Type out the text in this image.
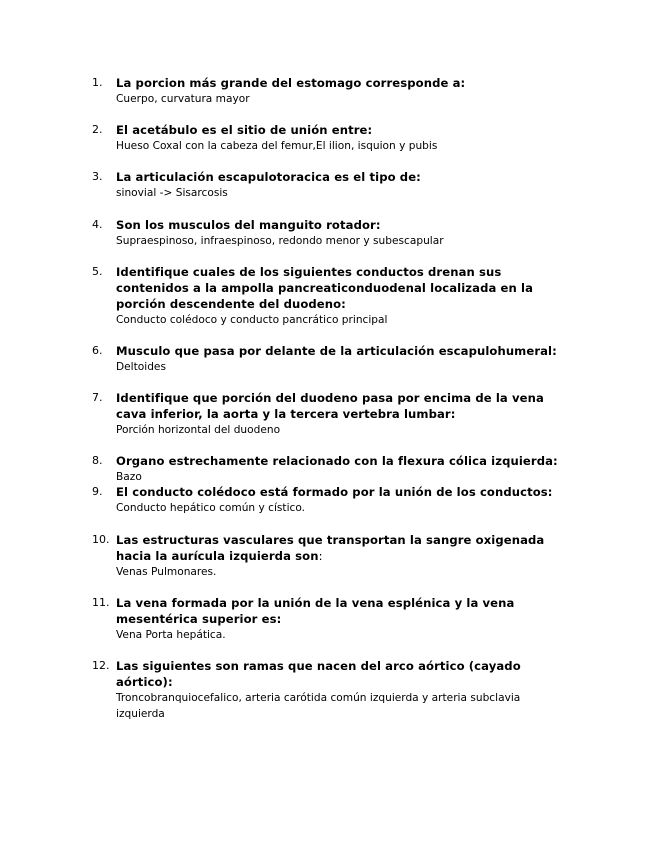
1.	La porcion más grande del estomago corresponde a:
Cuerpo, curvatura mayor
2.	El acetábulo es el sitio de unión entre:
Hueso Coxal con la cabeza del femur,El ilion, isquion y pubis
3.	La articulación escapulotoracica es el tipo de:
sinovial -> Sisarcosis
4.	Son los musculos del manguito rotador:
Supraespinoso, infraespinoso, redondo menor y subescapular
5.	Identifique cuales de los siguientes conductos drenan sus contenidos a la ampolla pancreaticonduodenal localizada en la porción descendente del duodeno:
Conducto colédoco y conducto pancrático principal
6.	Musculo que pasa por delante de la articulación escapulohumeral:
Deltoides
7.	Identifique que porción del duodeno pasa por encima de la vena cava inferior, la aorta y la tercera vertebra lumbar:
Porción horizontal del duodeno
8.	Organo estrechamente relacionado con la flexura cólica izquierda:
Bazo
9.	El conducto colédoco está formado por la unión de los conductos:
Conducto hepático común y cístico.
10. Las estructuras vasculares que transportan la sangre oxigenada hacia la aurícula izquierda son:
Venas Pulmonares.
11. La vena formada por la unión de la vena esplénica y la vena mesentérica superior es:
Vena Porta hepática.
12. Las siguientes son ramas que nacen del arco aórtico (cayado aórtico):
Troncobranquiocefalico, arteria carótida común izquierda y arteria subclavia izquierda
